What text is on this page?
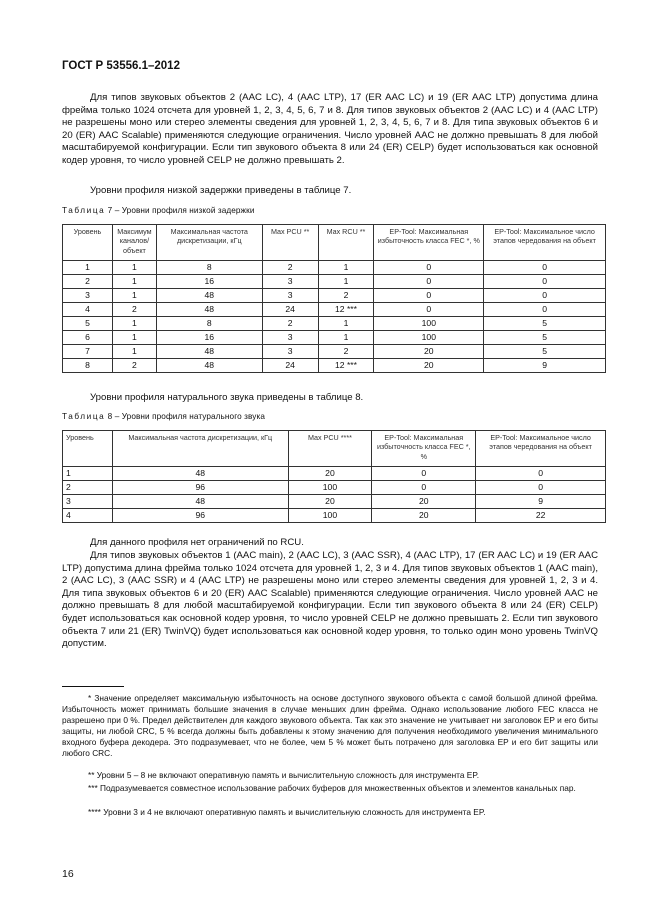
ГОСТ Р 53556.1–2012
Для типов звуковых объектов 2 (AAC LC), 4 (AAC LTP), 17 (ER AAC LC) и 19 (ER AAC LTP) допустима длина фрейма только 1024 отсчета для уровней 1, 2, 3, 4, 5, 6, 7 и 8. Для типов звуковых объектов 2 (AAC LC) и 4 (AAC LTP) не разрешены моно или стерео элементы сведения для уровней 1, 2, 3, 4, 5, 6, 7 и 8. Для типа звуковых объектов 6 и 20 (ER) AAC Scalable) применяются следующие ограничения. Число уровней AAC не должно превышать 8 для любой масштабируемой конфигурации. Если тип звукового объекта 8 или 24 (ER) CELP) будет использоваться как основной кодер уровня, то число уровней CELP не должно превышать 2.
Уровни профиля низкой задержки приведены в таблице 7.
Таблица 7 – Уровни профиля низкой задержки
Уровень	Максимум каналов/ объект	Максимальная частота дискретизации, кГц	Max PCU **	Max RCU **	EP-Tool: Максимальная избыточность класса FEC *, %	EP-Tool: Максимальное число этапов чередования на объект
1	1	8	2	1	0	0
2	1	16	3	1	0	0
3	1	48	3	2	0	0
4	2	48	24	12 ***	0	0
5	1	8	2	1	100	5
6	1	16	3	1	100	5
7	1	48	3	2	20	5
8	2	48	24	12 ***	20	9
Уровни профиля натурального звука приведены в таблице 8.
Таблица 8 – Уровни профиля натурального звука
Уровень	Максимальная частота дискретизации, кГц	Max PCU ****	EP-Tool: Максимальная избыточность класса FEC *, %	EP-Tool: Максимальное число этапов чередования на объект
1	48	20	0	0
2	96	100	0	0
3	48	20	20	9
4	96	100	20	22
Для данного профиля нет ограничений по RCU.
Для типов звуковых объектов 1 (AAC main), 2 (AAC LC), 3 (AAC SSR), 4 (AAC LTP), 17 (ER AAC LC) и 19 (ER AAC LTP) допустима длина фрейма только 1024 отсчета для уровней 1, 2, 3 и 4. Для типов звуковых объектов 1 (AAC main), 2 (AAC LC), 3 (AAC SSR) и 4 (AAC LTP) не разрешены моно или стерео элементы сведения для уровней 1, 2, 3 и 4. Для типа звуковых объектов 6 и 20 (ER) AAC Scalable) применяются следующие ограничения. Число уровней AAC не должно превышать 8 для любой масштабируемой конфигурации. Если тип звукового объекта 8 или 24 (ER) CELP) будет использоваться как основной кодер уровня, то число уровней CELP не должно превышать 2. Если тип звукового объекта 7 или 21 (ER) TwinVQ) будет использоваться как основной кодер уровня, то только один моно уровень TwinVQ допустим.
* Значение определяет максимальную избыточность на основе доступного звукового объекта с самой большой длиной фрейма. Избыточность может принимать большие значения в случае меньших длин фрейма. Однако использование любого FEC класса не разрешено при 0 %. Предел действителен для каждого звукового объекта. Так как это значение не учитывает ни заголовок EP и его биты защиты, ни любой CRC, 5 % всегда должны быть добавлены к этому значению для получения необходимого увеличения минимального входного буфера декодера. Это подразумевает, что не более, чем 5 % может быть потрачено для заголовка EP и его бит защиты или любого CRC.
** Уровни 5 – 8 не включают оперативную память и вычислительную сложность для инструмента EP.
*** Подразумевается совместное использование рабочих буферов для множественных объектов и элементов канальных пар.
**** Уровни 3 и 4 не включают оперативную память и вычислительную сложность для инструмента EP.
16
